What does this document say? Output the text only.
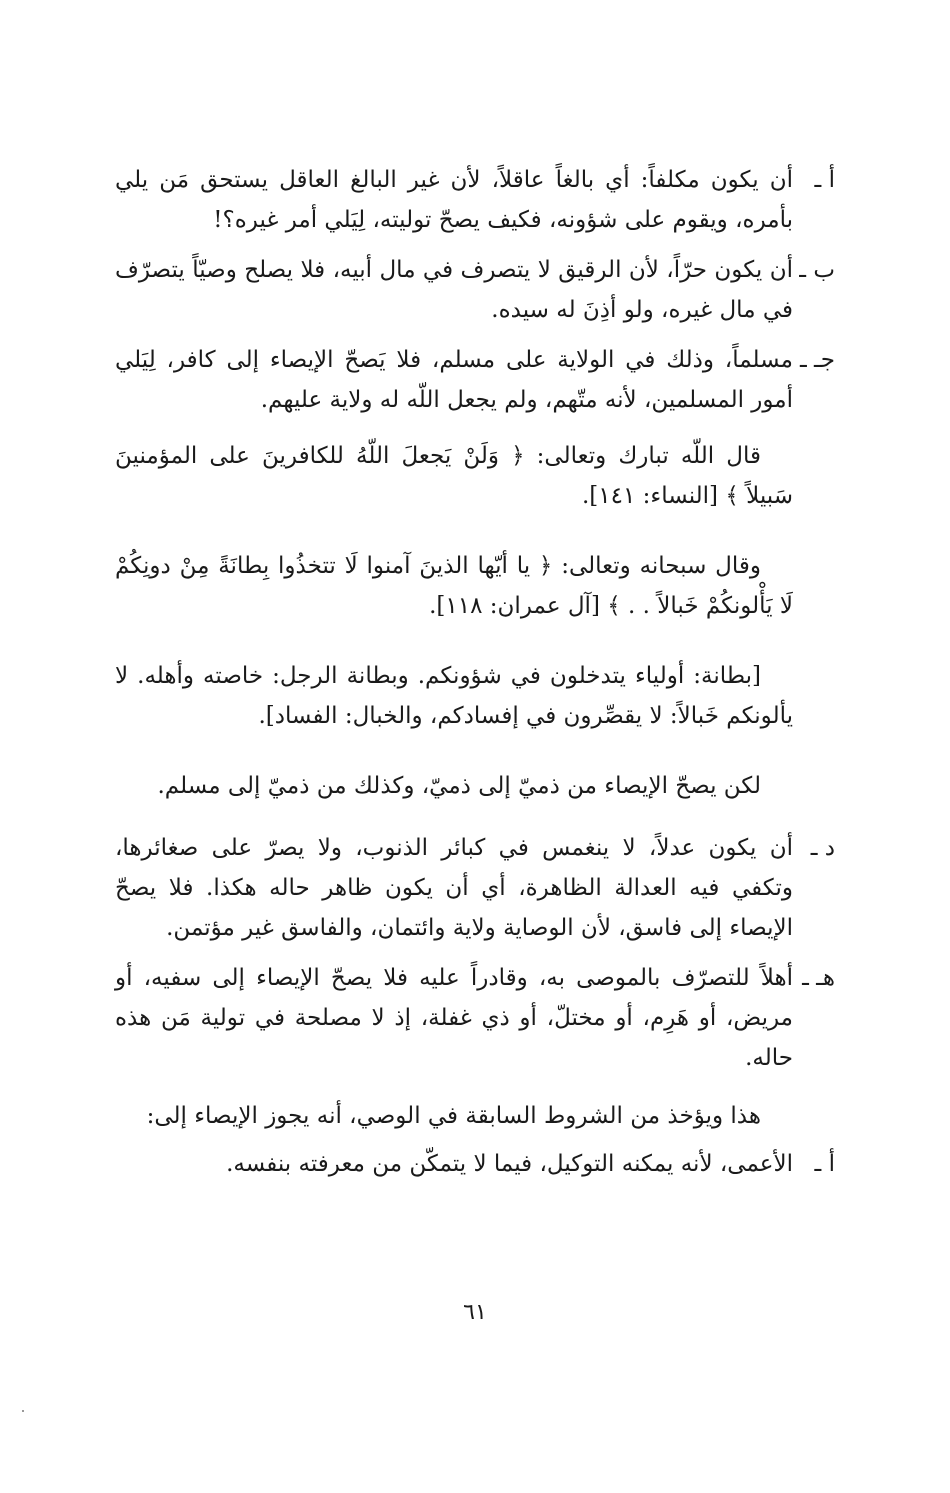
أ ـ
أن يكون مكلفاً: أي بالغاً عاقلاً، لأن غير البالغ العاقل يستحق مَن يلي بأمره، ويقوم على شؤونه، فكيف يصحّ توليته، لِيَلي أمر غيره؟!
ب ـ
أن يكون حرّاً، لأن الرقيق لا يتصرف في مال أبيه، فلا يصلح وصيّاً يتصرّف في مال غيره، ولو أذِنَ له سيده.
جـ ـ
مسلماً، وذلك في الولاية على مسلم، فلا يَصحّ الإيصاء إلى كافر، لِيَلي أمور المسلمين، لأنه متّهم، ولم يجعل اللّه له ولاية عليهم.
قال اللّه تبارك وتعالى: ﴿ وَلَنْ يَجعلَ اللّهُ للكافرينَ على المؤمنينَ سَبيلاً ﴾ [النساء: ١٤١].
وقال سبحانه وتعالى: ﴿ يا أيّها الذينَ آمنوا لَا تتخذُوا بِطانَةً مِنْ دونِكُمْ لَا يَأْلونكُمْ خَبالاً . . ﴾ [آل عمران: ١١٨].
[بطانة: أولياء يتدخلون في شؤونكم. وبطانة الرجل: خاصته وأهله. لا يألونكم خَبالاً: لا يقصِّرون في إفسادكم، والخبال: الفساد].
لكن يصحّ الإيصاء من ذميّ إلى ذميّ، وكذلك من ذميّ إلى مسلم.
د ـ
أن يكون عدلاً، لا ينغمس في كبائر الذنوب، ولا يصرّ على صغائرها، وتكفي فيه العدالة الظاهرة، أي أن يكون ظاهر حاله هكذا. فلا يصحّ الإيصاء إلى فاسق، لأن الوصاية ولاية وائتمان، والفاسق غير مؤتمن.
هـ ـ
أهلاً للتصرّف بالموصى به، وقادراً عليه فلا يصحّ الإيصاء إلى سفيه، أو مريض، أو هَرِم، أو مختلّ، أو ذي غفلة، إذ لا مصلحة في تولية مَن هذه حاله.
هذا ويؤخذ من الشروط السابقة في الوصي، أنه يجوز الإيصاء إلى:
أ ـ
الأعمى، لأنه يمكنه التوكيل، فيما لا يتمكّن من معرفته بنفسه.
٦١
